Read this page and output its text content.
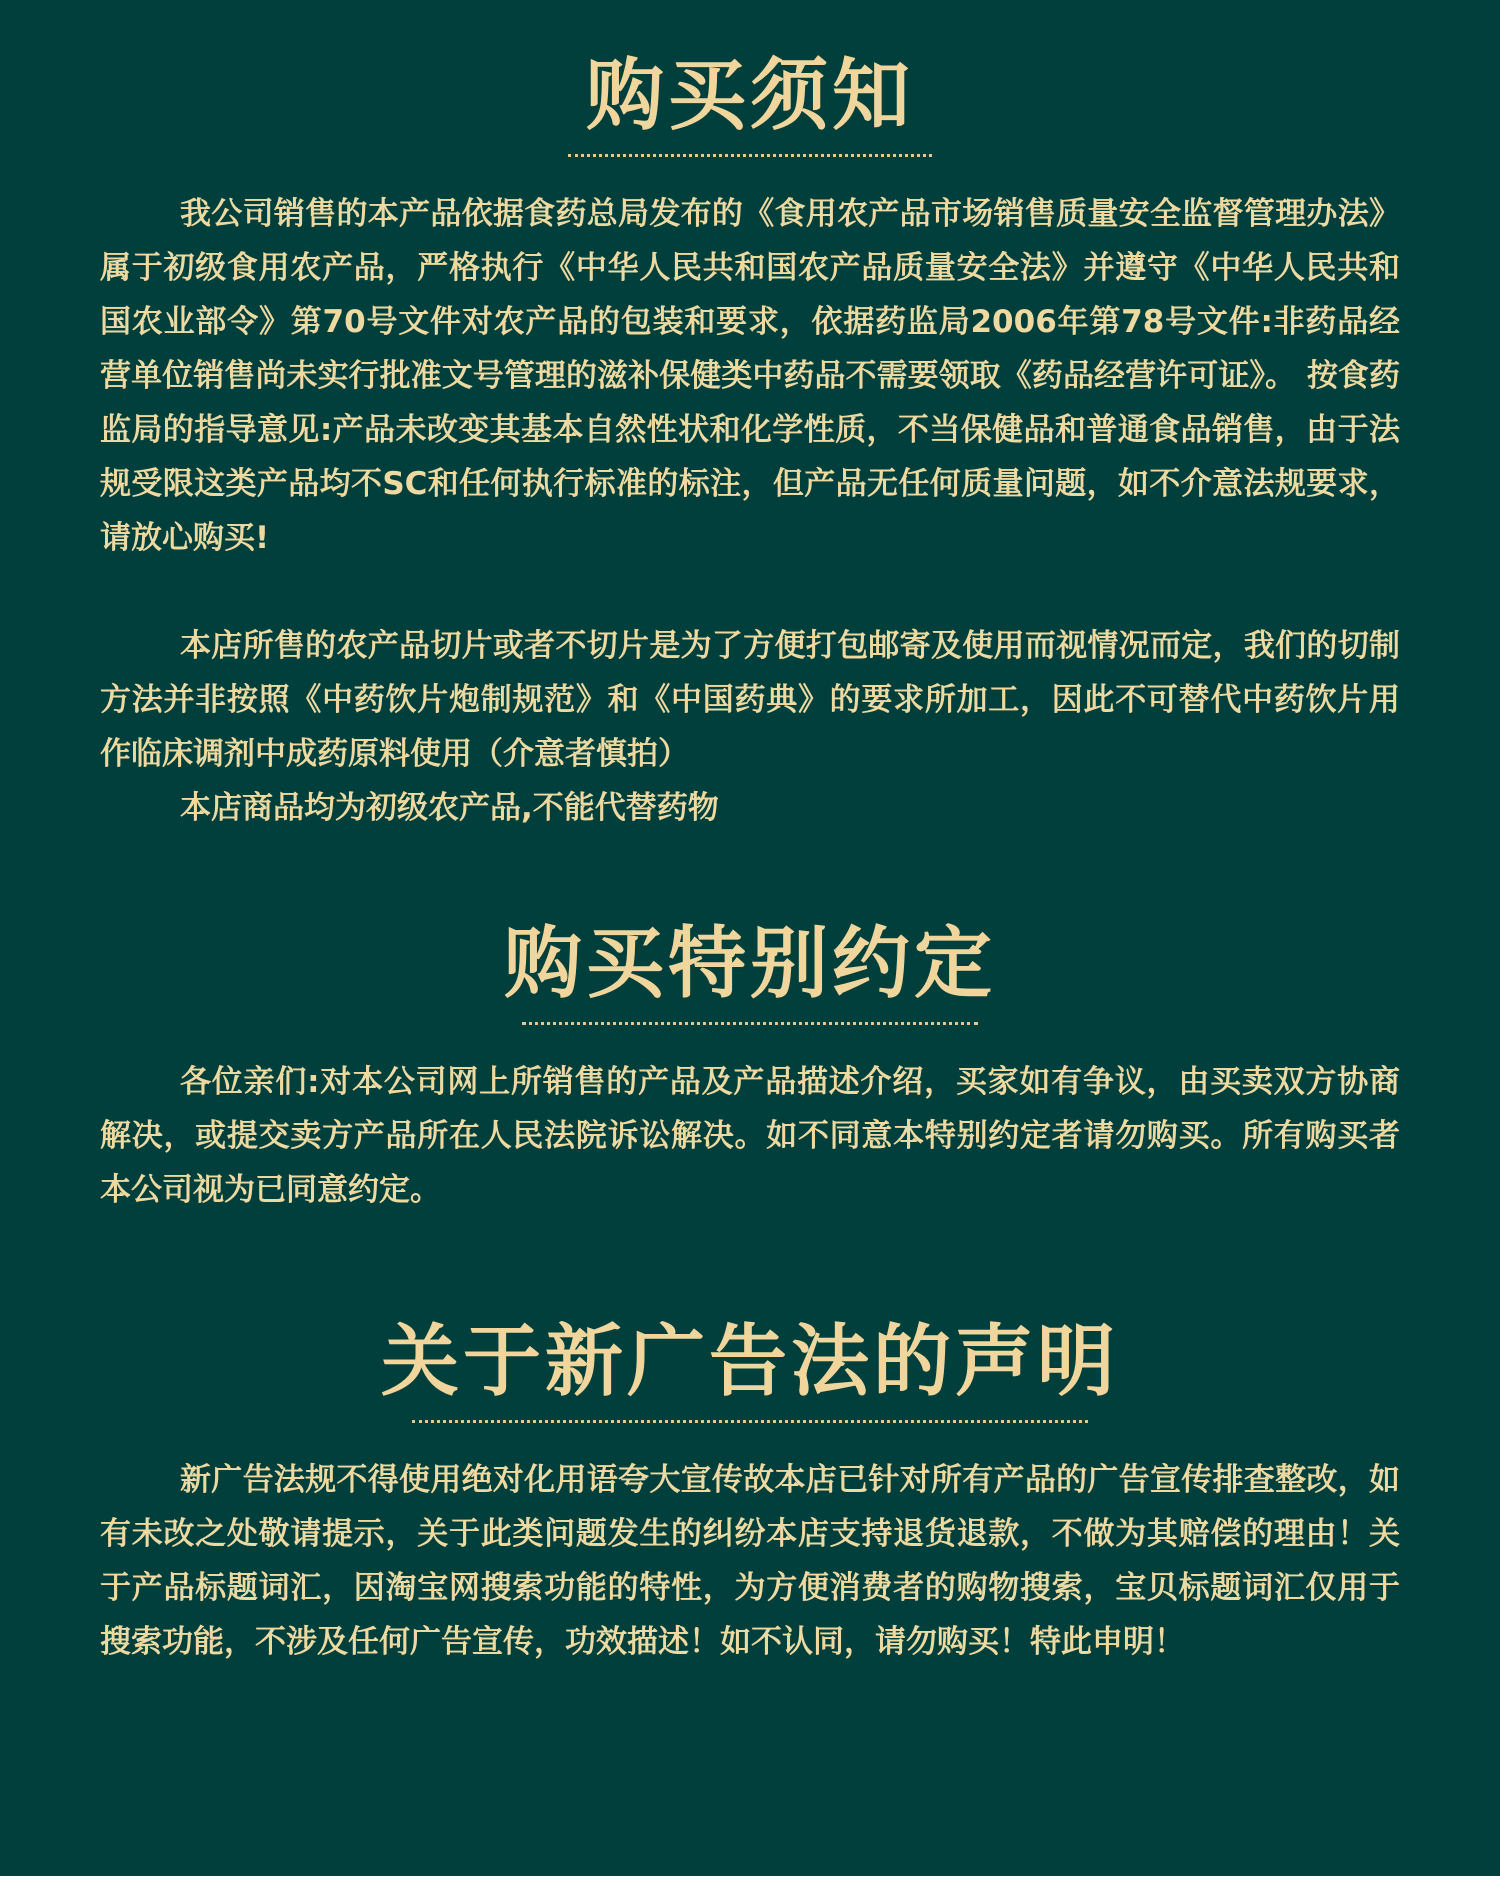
购买须知

我公司销售的本产品依据食药总局发布的《食用农产品市场销售质量安全监督管理办法》属于初级食用农产品，严格执行《中华人民共和国农产品质量安全法》并遵守《中华人民共和国农业部令》第70号文件对农产品的包装和要求，依据药监局2006年第78号文件:非药品经营单位销售尚未实行批准文号管理的滋补保健类中药品不需要领取《药品经营许可证》。 按食药监局的指导意见:产品未改变其基本自然性状和化学性质，不当保健品和普通食品销售，由于法规受限这类产品均不SC和任何执行标准的标注，但产品无任何质量问题，如不介意法规要求，请放心购买!

本店所售的农产品切片或者不切片是为了方便打包邮寄及使用而视情况而定，我们的切制方法并非按照《中药饮片炮制规范》和《中国药典》的要求所加工，因此不可替代中药饮片用作临床调剂中成药原料使用（介意者慎拍）

本店商品均为初级农产品,不能代替药物

购买特别约定

各位亲们:对本公司网上所销售的产品及产品描述介绍，买家如有争议，由买卖双方协商解决，或提交卖方产品所在人民法院诉讼解决。如不同意本特别约定者请勿购买。所有购买者本公司视为已同意约定。

关于新广告法的声明

新广告法规不得使用绝对化用语夸大宣传故本店已针对所有产品的广告宣传排查整改，如有未改之处敬请提示，关于此类问题发生的纠纷本店支持退货退款，不做为其赔偿的理由！关于产品标题词汇，因淘宝网搜索功能的特性，为方便消费者的购物搜索，宝贝标题词汇仅用于搜索功能，不涉及任何广告宣传，功效描述！如不认同，请勿购买！特此申明！
